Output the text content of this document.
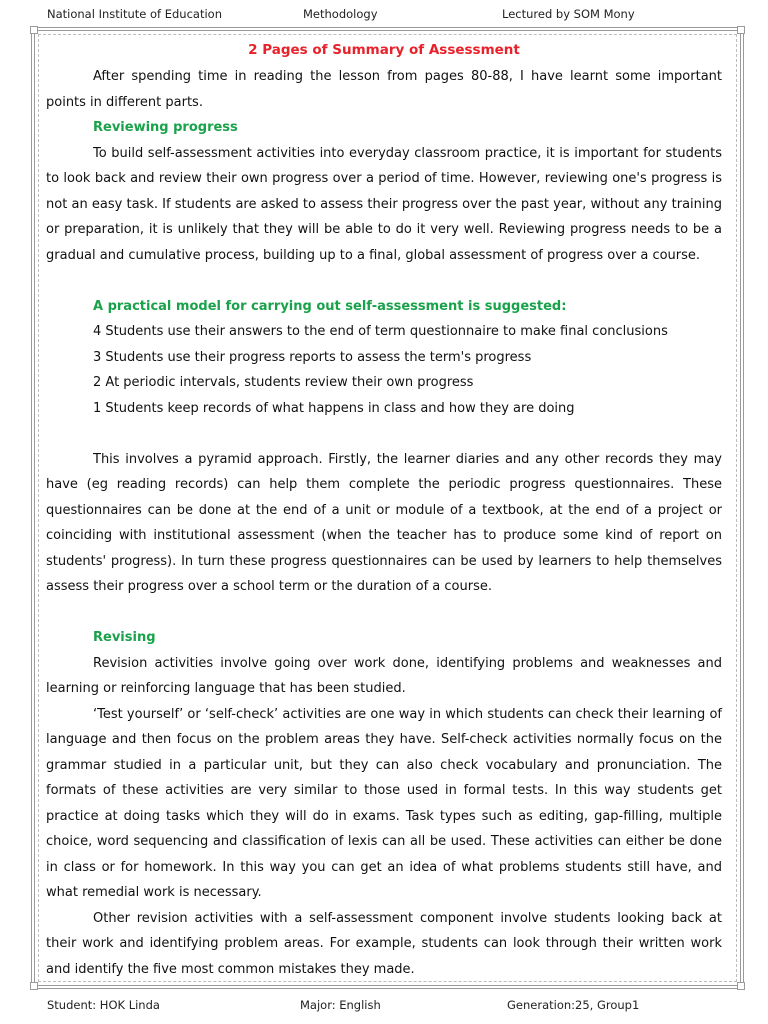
National Institute of Education	Methodology	Lectured by SOM Mony

2 Pages of Summary of Assessment

After spending time in reading the lesson from pages 80-88, I have learnt some important points in different parts.

Reviewing progress

To build self-assessment activities into everyday classroom practice, it is important for students to look back and review their own progress over a period of time. However, reviewing one's progress is not an easy task. If students are asked to assess their progress over the past year, without any training or preparation, it is unlikely that they will be able to do it very well. Reviewing progress needs to be a gradual and cumulative process, building up to a final, global assessment of progress over a course.

A practical model for carrying out self-assessment is suggested:

4 Students use their answers to the end of term questionnaire to make final conclusions

3 Students use their progress reports to assess the term's progress

2 At periodic intervals, students review their own progress

1 Students keep records of what happens in class and how they are doing

This involves a pyramid approach. Firstly, the learner diaries and any other records they may have (eg reading records) can help them complete the periodic progress questionnaires. These questionnaires can be done at the end of a unit or module of a textbook, at the end of a project or coinciding with institutional assessment (when the teacher has to produce some kind of report on students' progress). In turn these progress questionnaires can be used by learners to help themselves assess their progress over a school term or the duration of a course.

Revising

Revision activities involve going over work done, identifying problems and weaknesses and learning or reinforcing language that has been studied.

‘Test yourself’ or ‘self-check’ activities are one way in which students can check their learning of language and then focus on the problem areas they have. Self-check activities normally focus on the grammar studied in a particular unit, but they can also check vocabulary and pronunciation. The formats of these activities are very similar to those used in formal tests. In this way students get practice at doing tasks which they will do in exams. Task types such as editing, gap-filling, multiple choice, word sequencing and classification of lexis can all be used. These activities can either be done in class or for homework. In this way you can get an idea of what problems students still have, and what remedial work is necessary.

Other revision activities with a self-assessment component involve students looking back at their work and identifying problem areas. For example, students can look through their written work and identify the five most common mistakes they made.

Student: HOK Linda	Major: English	Generation:25, Group1
